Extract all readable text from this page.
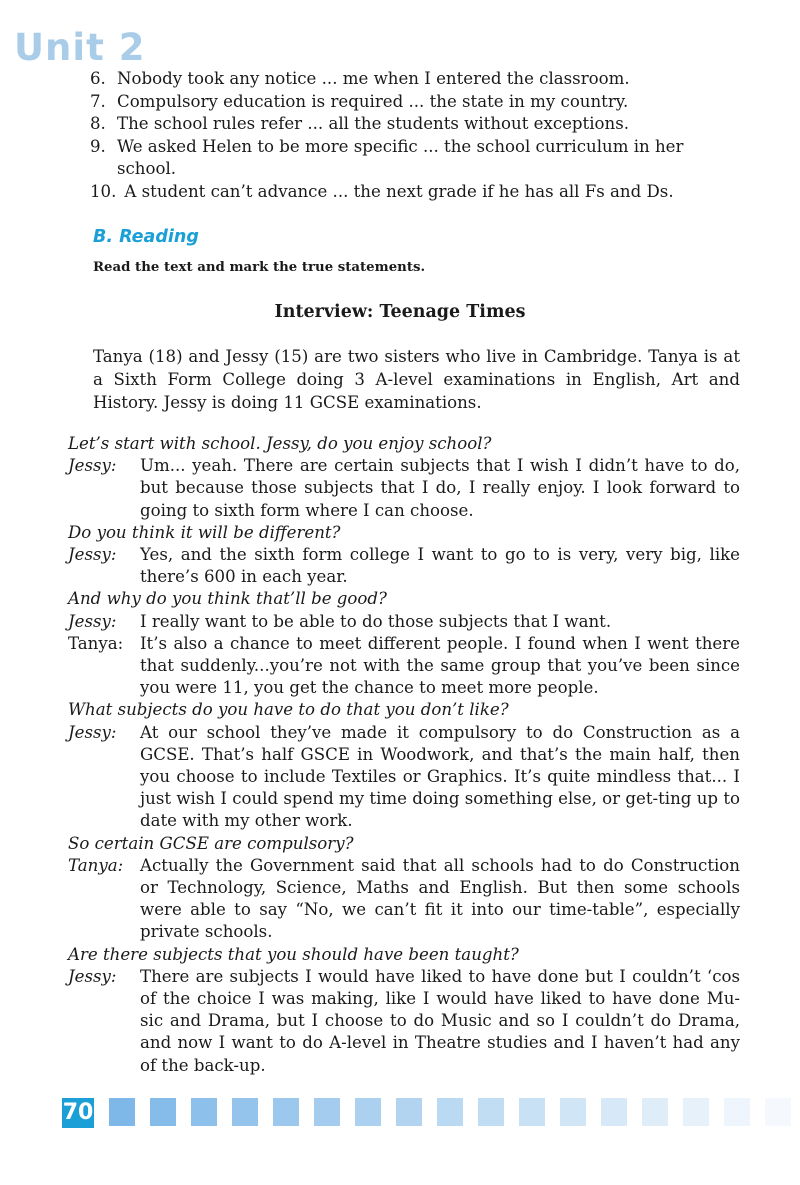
Unit 2
6. Nobody took any notice ... me when I entered the classroom.
7. Compulsory education is required ... the state in my country.
8. The school rules refer ... all the students without exceptions.
9. We asked Helen to be more specific ... the school curriculum in her school.
10. A student can’t advance ... the next grade if he has all Fs and Ds.
B. Reading
Read the text and mark the true statements.
Interview: Teenage Times

Tanya (18) and Jessy (15) are two sisters who live in Cambridge. Tanya is at a Sixth Form College doing 3 A-level examinations in English, Art and History. Jessy is doing 11 GCSE examinations.

Let’s start with school. Jessy, do you enjoy school?
Jessy: Um... yeah. There are certain subjects that I wish I didn’t have to do, but because those subjects that I do, I really enjoy. I look forward to going to sixth form where I can choose.
Do you think it will be different?
Jessy: Yes, and the sixth form college I want to go to is very, very big, like there’s 600 in each year.
And why do you think that’ll be good?
Jessy: I really want to be able to do those subjects that I want.
Tanya: It’s also a chance to meet different people. I found when I went there that suddenly...you’re not with the same group that you’ve been since you were 11, you get the chance to meet more people.
What subjects do you have to do that you don’t like?
Jessy: At our school they’ve made it compulsory to do Construction as a GCSE. That’s half GSCE in Woodwork, and that’s the main half, then you choose to include Textiles or Graphics. It’s quite mindless that... I just wish I could spend my time doing something else, or get-ting up to date with my other work.
So certain GCSE are compulsory?
Tanya: Actually the Government said that all schools had to do Construction or Technology, Science, Maths and English. But then some schools were able to say “No, we can’t fit it into our time-table”, especially private schools.
Are there subjects that you should have been taught?
Jessy: There are subjects I would have liked to have done but I couldn’t ‘cos of the choice I was making, like I would have liked to have done Mu-sic and Drama, but I choose to do Music and so I couldn’t do Drama, and now I want to do A-level in Theatre studies and I haven’t had any of the back-up.
70
